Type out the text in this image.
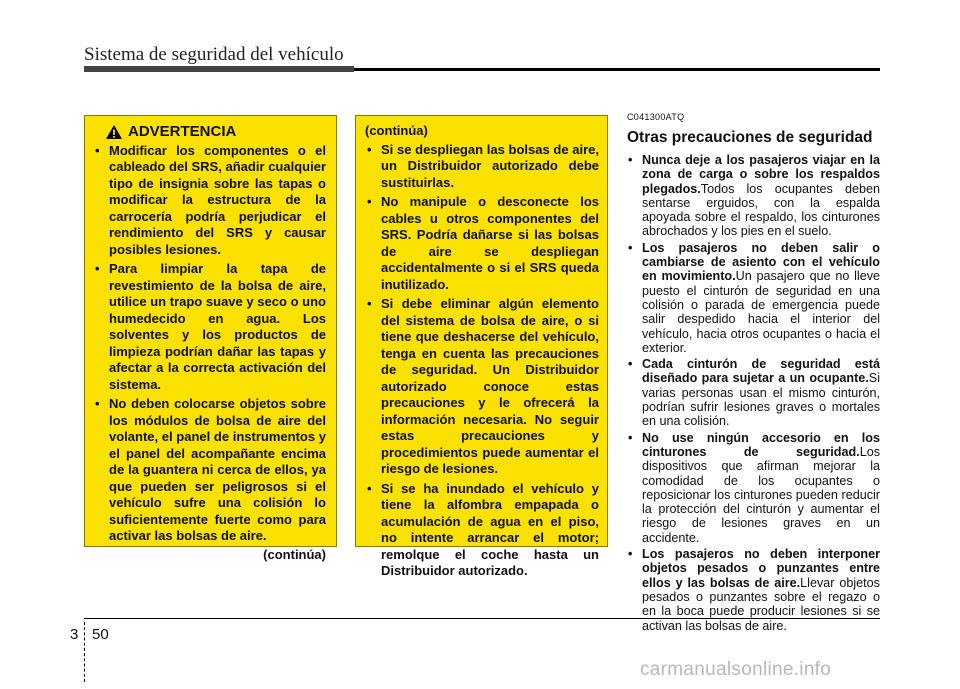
Sistema de seguridad del vehículo
ADVERTENCIA
• Modificar los componentes o el cableado del SRS, añadir cualquier tipo de insignia sobre las tapas o modificar la estructura de la carrocería podría perjudicar el rendimiento del SRS y causar posibles lesiones.
• Para limpiar la tapa de revestimiento de la bolsa de aire, utilice un trapo suave y seco o uno humedecido en agua. Los solventes y los productos de limpieza podrían dañar las tapas y afectar a la correcta activación del sistema.
• No deben colocarse objetos sobre los módulos de bolsa de aire del volante, el panel de instrumentos y el panel del acompañante encima de la guantera ni cerca de ellos, ya que pueden ser peligrosos si el vehículo sufre una colisión lo suficientemente fuerte como para activar las bolsas de aire.
(continúa)
(continúa)
• Si se despliegan las bolsas de aire, un Distribuidor autorizado debe sustituirlas.
• No manipule o desconecte los cables u otros componentes del SRS. Podría dañarse si las bolsas de aire se despliegan accidentalmente o si el SRS queda inutilizado.
• Si debe eliminar algún elemento del sistema de bolsa de aire, o si tiene que deshacerse del vehículo, tenga en cuenta las precauciones de seguridad. Un Distribuidor autorizado conoce estas precauciones y le ofrecerá la información necesaria. No seguir estas precauciones y procedimientos puede aumentar el riesgo de lesiones.
• Si se ha inundado el vehículo y tiene la alfombra empapada o acumulación de agua en el piso, no intente arrancar el motor; remolque el coche hasta un Distribuidor autorizado.
C041300ATQ
Otras precauciones de seguridad
• Nunca deje a los pasajeros viajar en la zona de carga o sobre los respaldos plegados.Todos los ocupantes deben sentarse erguidos, con la espalda apoyada sobre el respaldo, los cinturones abrochados y los pies en el suelo.
• Los pasajeros no deben salir o cambiarse de asiento con el vehículo en movimiento.Un pasajero que no lleve puesto el cinturón de seguridad en una colisión o parada de emergencia puede salir despedido hacia el interior del vehículo, hacia otros ocupantes o hacia el exterior.
• Cada cinturón de seguridad está diseñado para sujetar a un ocupante.Si varias personas usan el mismo cinturón, podrían sufrir lesiones graves o mortales en una colisión.
• No use ningún accesorio en los cinturones de seguridad.Los dispositivos que afirman mejorar la comodidad de los ocupantes o reposicionar los cinturones pueden reducir la protección del cinturón y aumentar el riesgo de lesiones graves en un accidente.
• Los pasajeros no deben interponer objetos pesados o punzantes entre ellos y las bolsas de aire.Llevar objetos pesados o punzantes sobre el regazo o en la boca puede producir lesiones si se activan las bolsas de aire.
3 50
carmanualsonline.info
